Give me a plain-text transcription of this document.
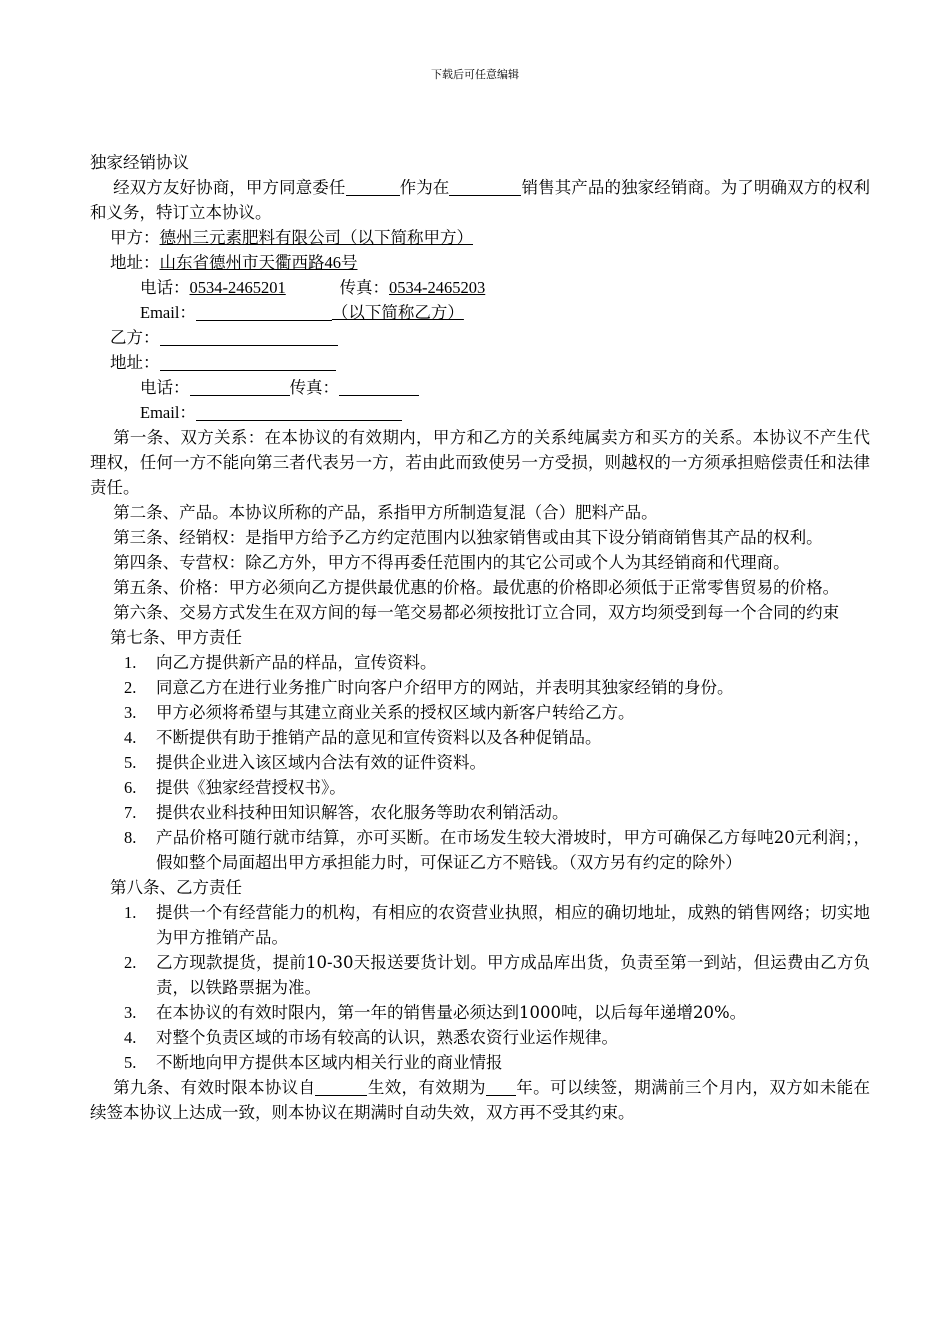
下载后可任意编辑
独家经销协议
经双方友好协商，甲方同意委任	作为在	销售其产品的独家经销商。为了明确双方的权利和义务，特订立本协议。
甲方：德州三元素肥料有限公司（以下简称甲方）
地址：山东省德州市天衢西路46号
电话：0534-2465201	传真：0534-2465203
Email：	（以下简称乙方）
乙方：
地址：
电话：	传真：
Email：
第一条、双方关系：在本协议的有效期内，甲方和乙方的关系纯属卖方和买方的关系。本协议不产生代理权，任何一方不能向第三者代表另一方，若由此而致使另一方受损，则越权的一方须承担赔偿责任和法律责任。
第二条、产品。本协议所称的产品，系指甲方所制造复混（合）肥料产品。
第三条、经销权：是指甲方给予乙方约定范围内以独家销售或由其下设分销商销售其产品的权利。
第四条、专营权：除乙方外，甲方不得再委任范围内的其它公司或个人为其经销商和代理商。
第五条、价格：甲方必须向乙方提供最优惠的价格。最优惠的价格即必须低于正常零售贸易的价格。
第六条、交易方式发生在双方间的每一笔交易都必须按批订立合同，双方均须受到每一个合同的约束
第七条、甲方责任
1.	向乙方提供新产品的样品，宣传资料。
2.	同意乙方在进行业务推广时向客户介绍甲方的网站，并表明其独家经销的身份。
3.	甲方必须将希望与其建立商业关系的授权区域内新客户转给乙方。
4.	不断提供有助于推销产品的意见和宣传资料以及各种促销品。
5.	提供企业进入该区域内合法有效的证件资料。
6.	提供《独家经营授权书》。
7.	提供农业科技种田知识解答，农化服务等助农利销活动。
8.	产品价格可随行就市结算，亦可买断。在市场发生较大滑坡时，甲方可确保乙方每吨20元利润；，假如整个局面超出甲方承担能力时，可保证乙方不赔钱。（双方另有约定的除外）
第八条、乙方责任
1.	提供一个有经营能力的机构，有相应的农资营业执照，相应的确切地址，成熟的销售网络；切实地为甲方推销产品。
2.	乙方现款提货，提前10-30天报送要货计划。甲方成品库出货，负责至第一到站，但运费由乙方负责，以铁路票据为准。
3.	在本协议的有效时限内，第一年的销售量必须达到1000吨，以后每年递增20%。
4.	对整个负责区域的市场有较高的认识，熟悉农资行业运作规律。
5.	不断地向甲方提供本区域内相关行业的商业情报
第九条、有效时限本协议自	生效，有效期为 年。可以续签，期满前三个月内，双方如未能在续签本协议上达成一致，则本协议在期满时自动失效，双方再不受其约束。
